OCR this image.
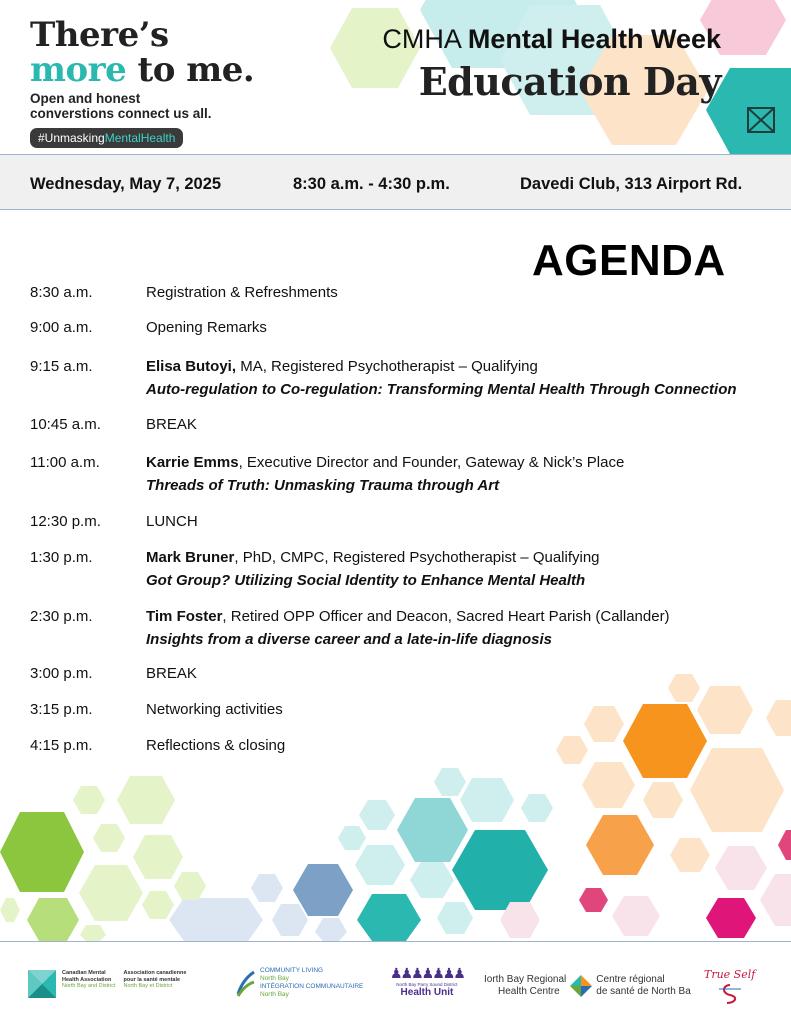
There’s
more to me.
Open and honest
converstions connect us all.
#UnmaskingMentalHealth
CMHA Mental Health Week
Education Day
Wednesday, May 7, 2025	8:30 a.m. - 4:30 p.m.	Davedi Club, 313 Airport Rd.
AGENDA
8:30 a.m.	Registration & Refreshments
9:00 a.m.	Opening Remarks
9:15 a.m.	Elisa Butoyi, MA, Registered Psychotherapist – Qualifying
Auto-regulation to Co-regulation: Transforming Mental Health Through Connection
10:45 a.m.	BREAK
11:00 a.m.	Karrie Emms, Executive Director and Founder, Gateway & Nick’s Place
Threads of Truth: Unmasking Trauma through Art
12:30 p.m.	LUNCH
1:30 p.m.	Mark Bruner, PhD, CMPC, Registered Psychotherapist – Qualifying
Got Group? Utilizing Social Identity to Enhance Mental Health
2:30 p.m.	Tim Foster, Retired OPP Officer and Deacon, Sacred Heart Parish (Callander)
Insights from a diverse career and a late-in-life diagnosis
3:00 p.m.	BREAK
3:15 p.m.	Networking activities
4:15 p.m.	Reflections & closing
Canadian Mental
Health Association
North Bay and District
Association canadienne
pour la santé mentale
North Bay et District
COMMUNITY LIVING
North Bay
INTÉGRATION COMMUNAUTAIRE
North Bay
♟♟♟♟♟♟♟
North Bay Parry Sound District
Health Unit
Iorth Bay Regional
Health Centre
Centre régional
de santé de North Ba
True Self
